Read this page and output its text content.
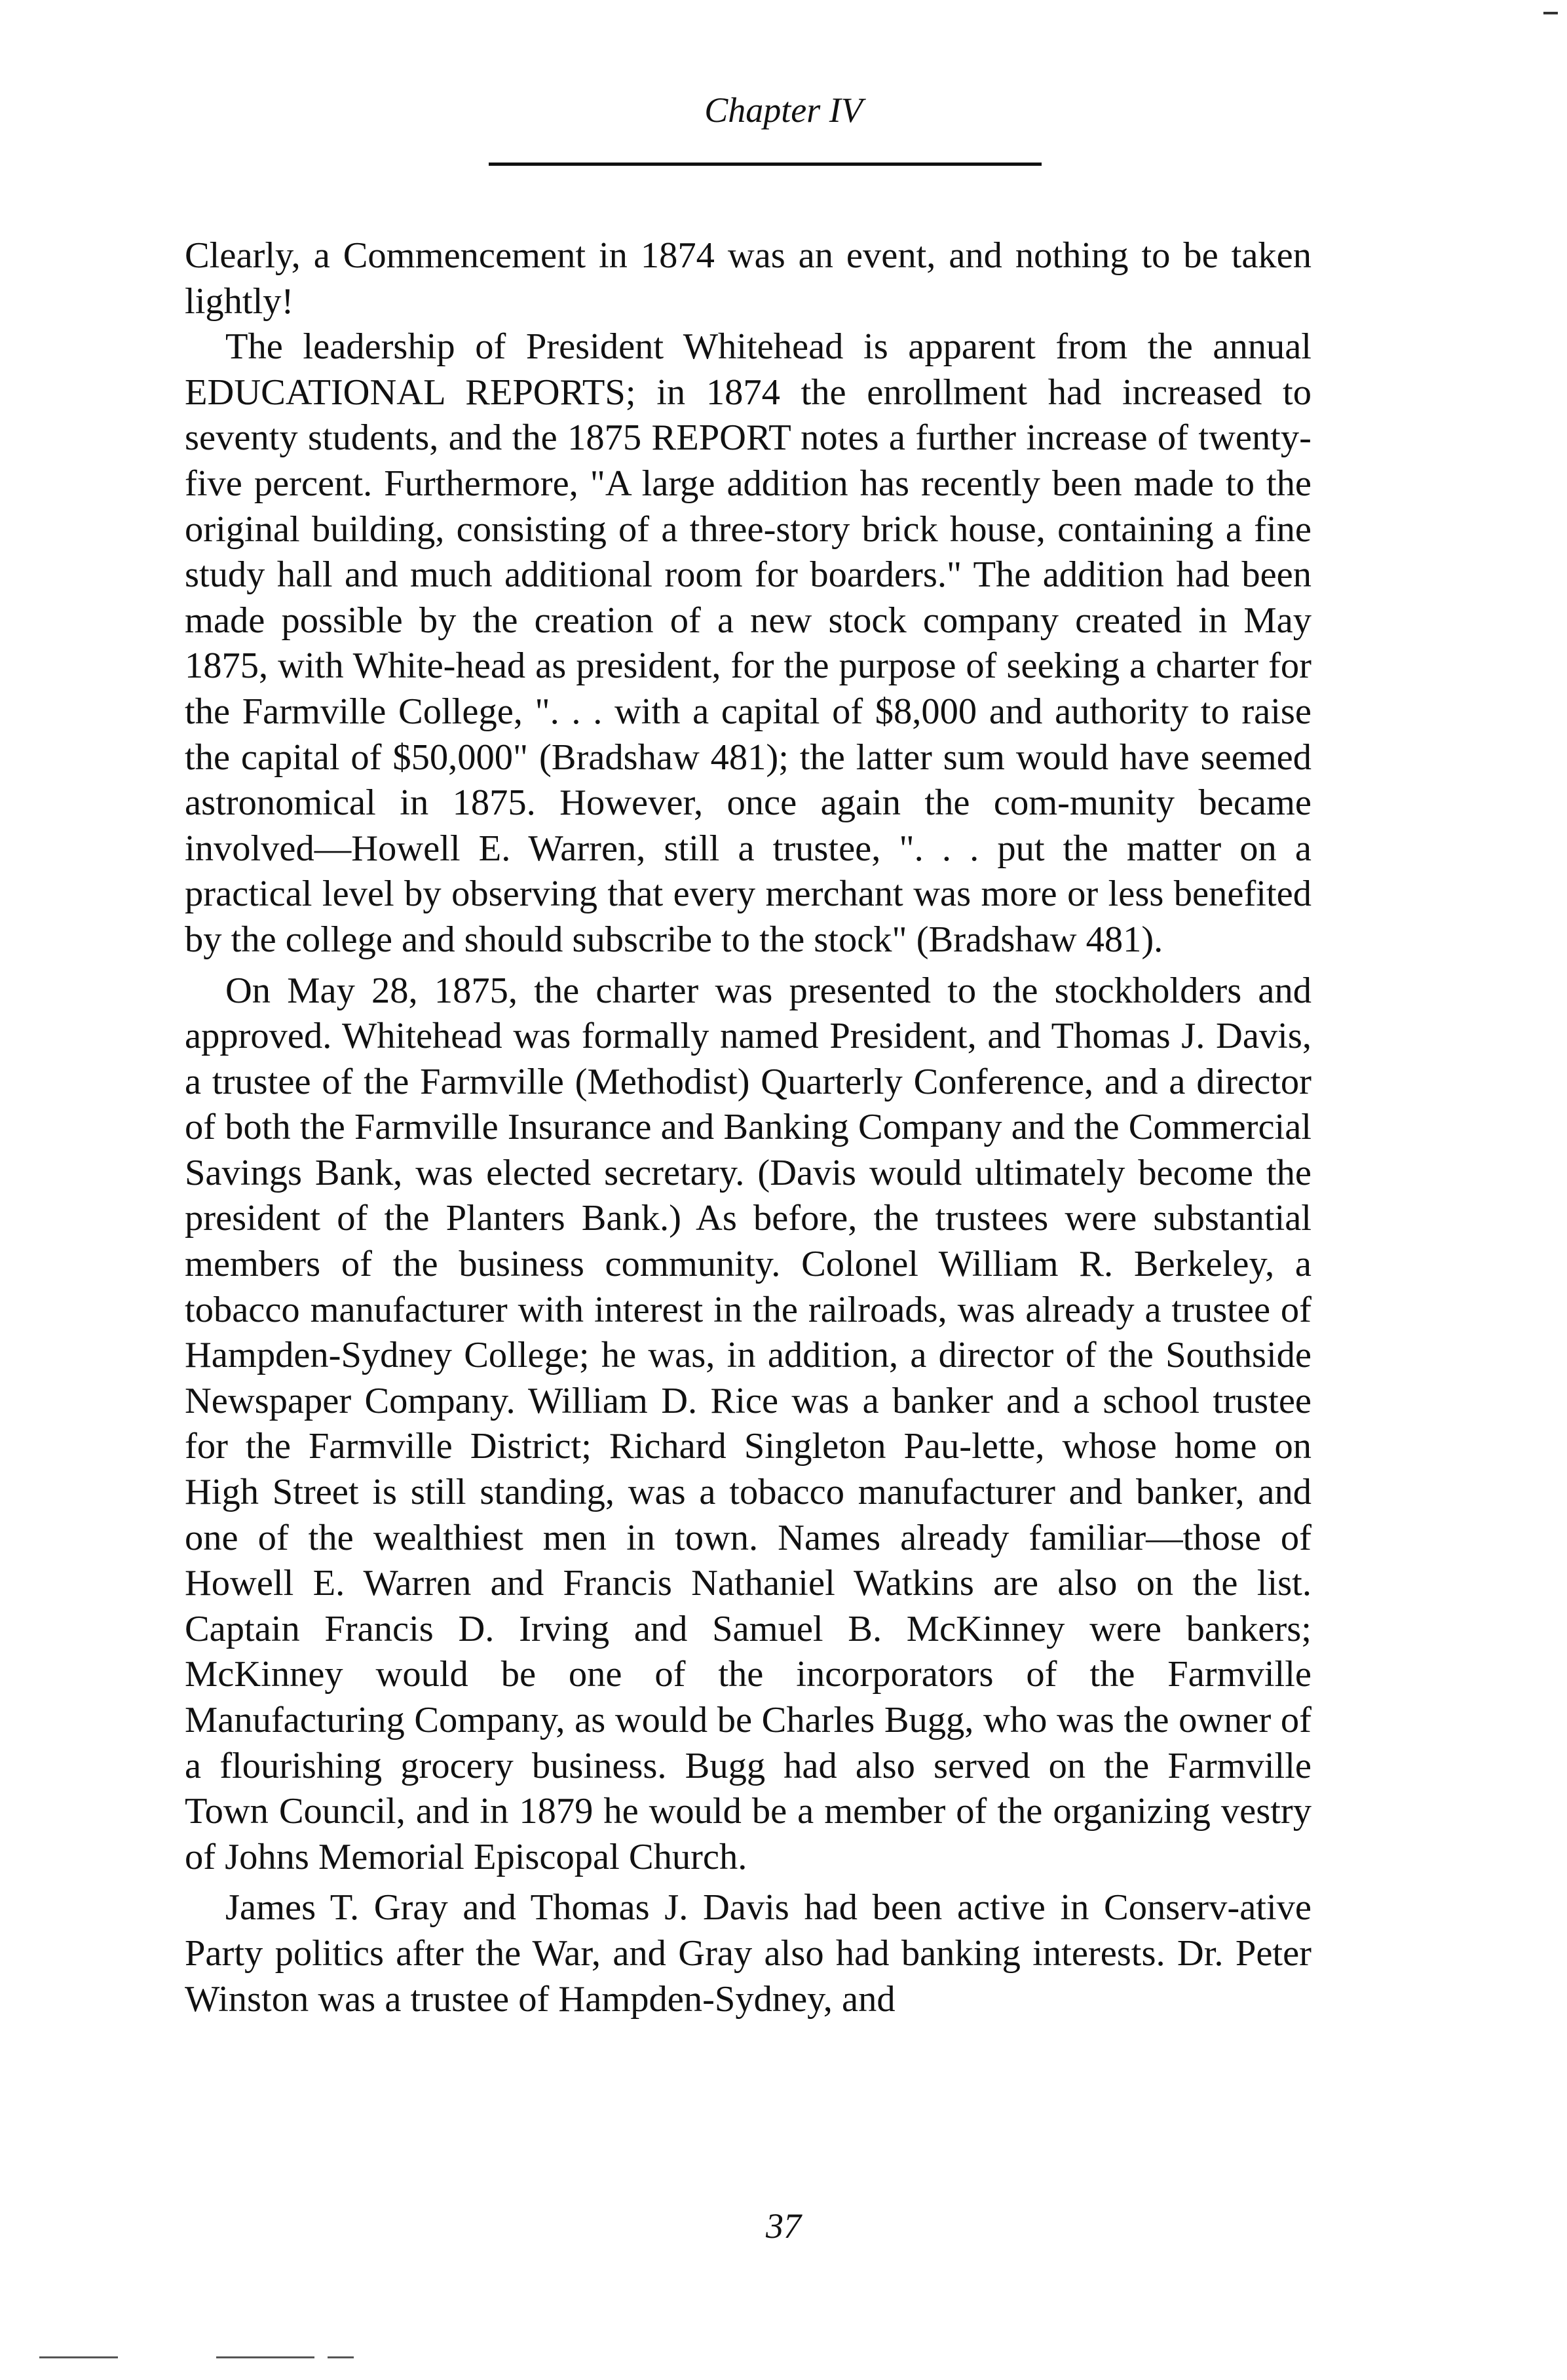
Chapter IV

Clearly, a Commencement in 1874 was an event, and nothing to be taken lightly!

The leadership of President Whitehead is apparent from the annual EDUCATIONAL REPORTS; in 1874 the enrollment had increased to seventy students, and the 1875 REPORT notes a further increase of twenty-five percent. Furthermore, "A large addition has recently been made to the original building, consisting of a three-story brick house, containing a fine study hall and much additional room for boarders." The addition had been made possible by the creation of a new stock company created in May 1875, with White-head as president, for the purpose of seeking a charter for the Farmville College, ". . . with a capital of $8,000 and authority to raise the capital of $50,000" (Bradshaw 481); the latter sum would have seemed astronomical in 1875. However, once again the com-munity became involved—Howell E. Warren, still a trustee, ". . . put the matter on a practical level by observing that every merchant was more or less benefited by the college and should subscribe to the stock" (Bradshaw 481).

On May 28, 1875, the charter was presented to the stockholders and approved. Whitehead was formally named President, and Thomas J. Davis, a trustee of the Farmville (Methodist) Quarterly Conference, and a director of both the Farmville Insurance and Banking Company and the Commercial Savings Bank, was elected secretary. (Davis would ultimately become the president of the Planters Bank.) As before, the trustees were substantial members of the business community. Colonel William R. Berkeley, a tobacco manufacturer with interest in the railroads, was already a trustee of Hampden-Sydney College; he was, in addition, a director of the Southside Newspaper Company. William D. Rice was a banker and a school trustee for the Farmville District; Richard Singleton Pau-lette, whose home on High Street is still standing, was a tobacco manufacturer and banker, and one of the wealthiest men in town. Names already familiar—those of Howell E. Warren and Francis Nathaniel Watkins are also on the list. Captain Francis D. Irving and Samuel B. McKinney were bankers; McKinney would be one of the incorporators of the Farmville Manufacturing Company, as would be Charles Bugg, who was the owner of a flourishing grocery business. Bugg had also served on the Farmville Town Council, and in 1879 he would be a member of the organizing vestry of Johns Memorial Episcopal Church.

James T. Gray and Thomas J. Davis had been active in Conserv-ative Party politics after the War, and Gray also had banking interests. Dr. Peter Winston was a trustee of Hampden-Sydney, and

37
